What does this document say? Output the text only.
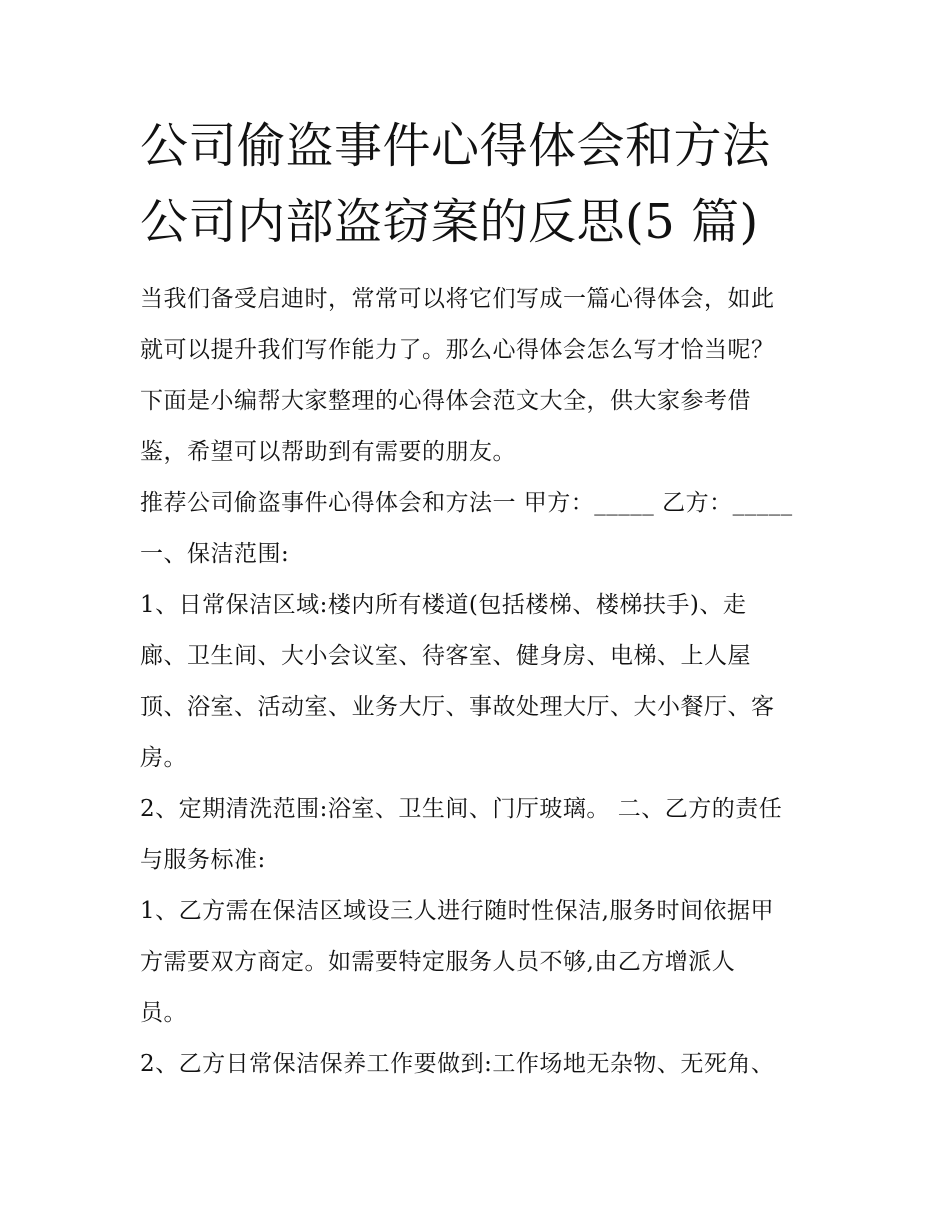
公司偷盗事件心得体会和方法
公司内部盗窃案的反思(5 篇)
当我们备受启迪时，常常可以将它们写成一篇心得体会，如此
就可以提升我们写作能力了。那么心得体会怎么写才恰当呢？
下面是小编帮大家整理的心得体会范文大全，供大家参考借
鉴，希望可以帮助到有需要的朋友。
推荐公司偷盗事件心得体会和方法一 甲方：_____ 乙方：_____
一、保洁范围:
1、日常保洁区域:楼内所有楼道(包括楼梯、楼梯扶手)、走
廊、卫生间、大小会议室、待客室、健身房、电梯、上人屋
顶、浴室、活动室、业务大厅、事故处理大厅、大小餐厅、客
房。
2、定期清洗范围:浴室、卫生间、门厅玻璃。 二、乙方的责任
与服务标准:
1、乙方需在保洁区域设三人进行随时性保洁,服务时间依据甲
方需要双方商定。如需要特定服务人员不够,由乙方增派人
员。
2、乙方日常保洁保养工作要做到:工作场地无杂物、无死角、
